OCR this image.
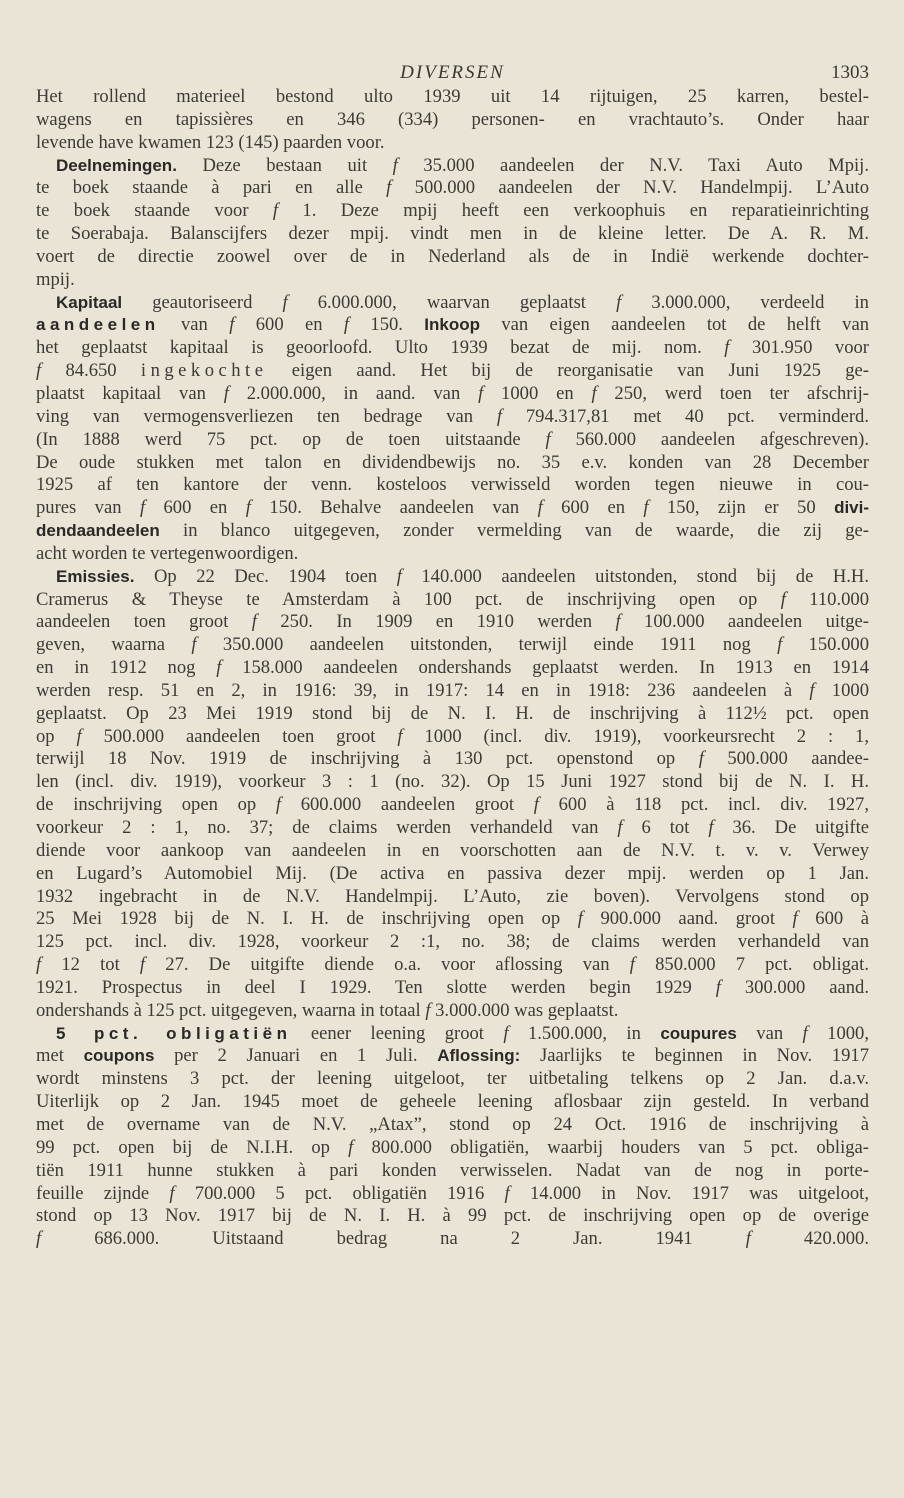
DIVERSEN	1303
Het rollend materieel bestond ulto 1939 uit 14 rijtuigen, 25 karren, bestel-
wagens en tapissières en 346 (334) personen- en vrachtauto’s. Onder haar
levende have kwamen 123 (145) paarden voor.
Deelnemingen. Deze bestaan uit f 35.000 aandeelen der N.V. Taxi Auto Mpij.
te boek staande à pari en alle f 500.000 aandeelen der N.V. Handelmpij. L’Auto
te boek staande voor f 1. Deze mpij heeft een verkoophuis en reparatieinrichting
te Soerabaja. Balanscijfers dezer mpij. vindt men in de kleine letter. De A. R. M.
voert de directie zoowel over de in Nederland als de in Indië werkende dochter-
mpij.
Kapitaal geautoriseerd f 6.000.000, waarvan geplaatst f 3.000.000, verdeeld in
aandeelen van f 600 en f 150. Inkoop van eigen aandeelen tot de helft van
het geplaatst kapitaal is geoorloofd. Ulto 1939 bezat de mij. nom. f 301.950 voor
f 84.650 ingekochte eigen aand. Het bij de reorganisatie van Juni 1925 ge-
plaatst kapitaal van f 2.000.000, in aand. van f 1000 en f 250, werd toen ter afschrij-
ving van vermogensverliezen ten bedrage van f 794.317,81 met 40 pct. verminderd.
(In 1888 werd 75 pct. op de toen uitstaande f 560.000 aandeelen afgeschreven).
De oude stukken met talon en dividendbewijs no. 35 e.v. konden van 28 December
1925 af ten kantore der venn. kosteloos verwisseld worden tegen nieuwe in cou-
pures van f 600 en f 150. Behalve aandeelen van f 600 en f 150, zijn er 50 divi-
dendaandeelen in blanco uitgegeven, zonder vermelding van de waarde, die zij ge-
acht worden te vertegenwoordigen.
Emissies. Op 22 Dec. 1904 toen f 140.000 aandeelen uitstonden, stond bij de H.H.
Cramerus & Theyse te Amsterdam à 100 pct. de inschrijving open op f 110.000
aandeelen toen groot f 250. In 1909 en 1910 werden f 100.000 aandeelen uitge-
geven, waarna f 350.000 aandeelen uitstonden, terwijl einde 1911 nog f 150.000
en in 1912 nog f 158.000 aandeelen ondershands geplaatst werden. In 1913 en 1914
werden resp. 51 en 2, in 1916: 39, in 1917: 14 en in 1918: 236 aandeelen à f 1000
geplaatst. Op 23 Mei 1919 stond bij de N. I. H. de inschrijving à 112½ pct. open
op f 500.000 aandeelen toen groot f 1000 (incl. div. 1919), voorkeursrecht 2 : 1,
terwijl 18 Nov. 1919 de inschrijving à 130 pct. openstond op f 500.000 aandee-
len (incl. div. 1919), voorkeur 3 : 1 (no. 32). Op 15 Juni 1927 stond bij de N. I. H.
de inschrijving open op f 600.000 aandeelen groot f 600 à 118 pct. incl. div. 1927,
voorkeur 2 : 1, no. 37; de claims werden verhandeld van f 6 tot f 36. De uitgifte
diende voor aankoop van aandeelen in en voorschotten aan de N.V. t. v. v. Verwey
en Lugard’s Automobiel Mij. (De activa en passiva dezer mpij. werden op 1 Jan.
1932 ingebracht in de N.V. Handelmpij. L’Auto, zie boven). Vervolgens stond op
25 Mei 1928 bij de N. I. H. de inschrijving open op f 900.000 aand. groot f 600 à
125 pct. incl. div. 1928, voorkeur 2 :1, no. 38; de claims werden verhandeld van
f 12 tot f 27. De uitgifte diende o.a. voor aflossing van f 850.000 7 pct. obligat.
1921. Prospectus in deel I 1929. Ten slotte werden begin 1929 f 300.000 aand.
ondershands à 125 pct. uitgegeven, waarna in totaal f 3.000.000 was geplaatst.
5 pct. obligatiën eener leening groot f 1.500.000, in coupures van f 1000,
met coupons per 2 Januari en 1 Juli. Aflossing: Jaarlijks te beginnen in Nov. 1917
wordt minstens 3 pct. der leening uitgeloot, ter uitbetaling telkens op 2 Jan. d.a.v.
Uiterlijk op 2 Jan. 1945 moet de geheele leening aflosbaar zijn gesteld. In verband
met de overname van de N.V. „Atax”, stond op 24 Oct. 1916 de inschrijving à
99 pct. open bij de N.I.H. op f 800.000 obligatiën, waarbij houders van 5 pct. obliga-
tiën 1911 hunne stukken à pari konden verwisselen. Nadat van de nog in porte-
feuille zijnde f 700.000 5 pct. obligatiën 1916 f 14.000 in Nov. 1917 was uitgeloot,
stond op 13 Nov. 1917 bij de N. I. H. à 99 pct. de inschrijving open op de overige
f 686.000. Uitstaand bedrag na 2 Jan. 1941 f 420.000.
